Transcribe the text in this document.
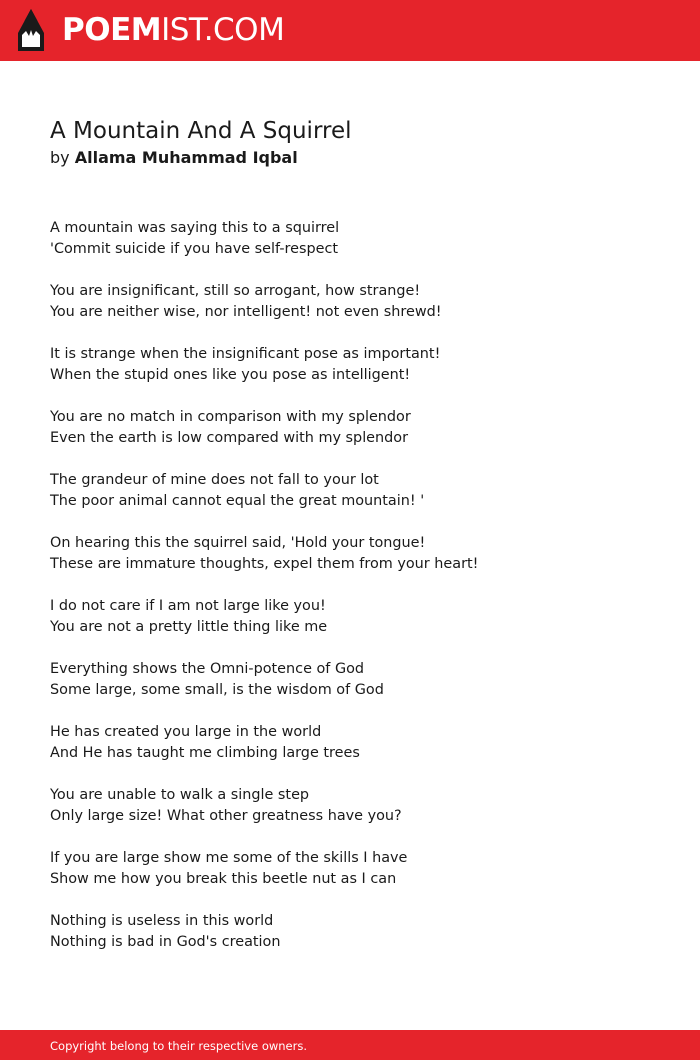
POEMIST.COM
A Mountain And A Squirrel

by Allama Muhammad Iqbal

A mountain was saying this to a squirrel
'Commit suicide if you have self-respect
You are insignificant, still so arrogant, how strange!
You are neither wise, nor intelligent! not even shrewd!
It is strange when the insignificant pose as important!
When the stupid ones like you pose as intelligent!
You are no match in comparison with my splendor
Even the earth is low compared with my splendor
The grandeur of mine does not fall to your lot
The poor animal cannot equal the great mountain! '
On hearing this the squirrel said, 'Hold your tongue!
These are immature thoughts, expel them from your heart!
I do not care if I am not large like you!
You are not a pretty little thing like me
Everything shows the Omni-potence of God
Some large, some small, is the wisdom of God
He has created you large in the world
And He has taught me climbing large trees
You are unable to walk a single step
Only large size! What other greatness have you?
If you are large show me some of the skills I have
Show me how you break this beetle nut as I can
Nothing is useless in this world
Nothing is bad in God's creation
Copyright belong to their respective owners.
